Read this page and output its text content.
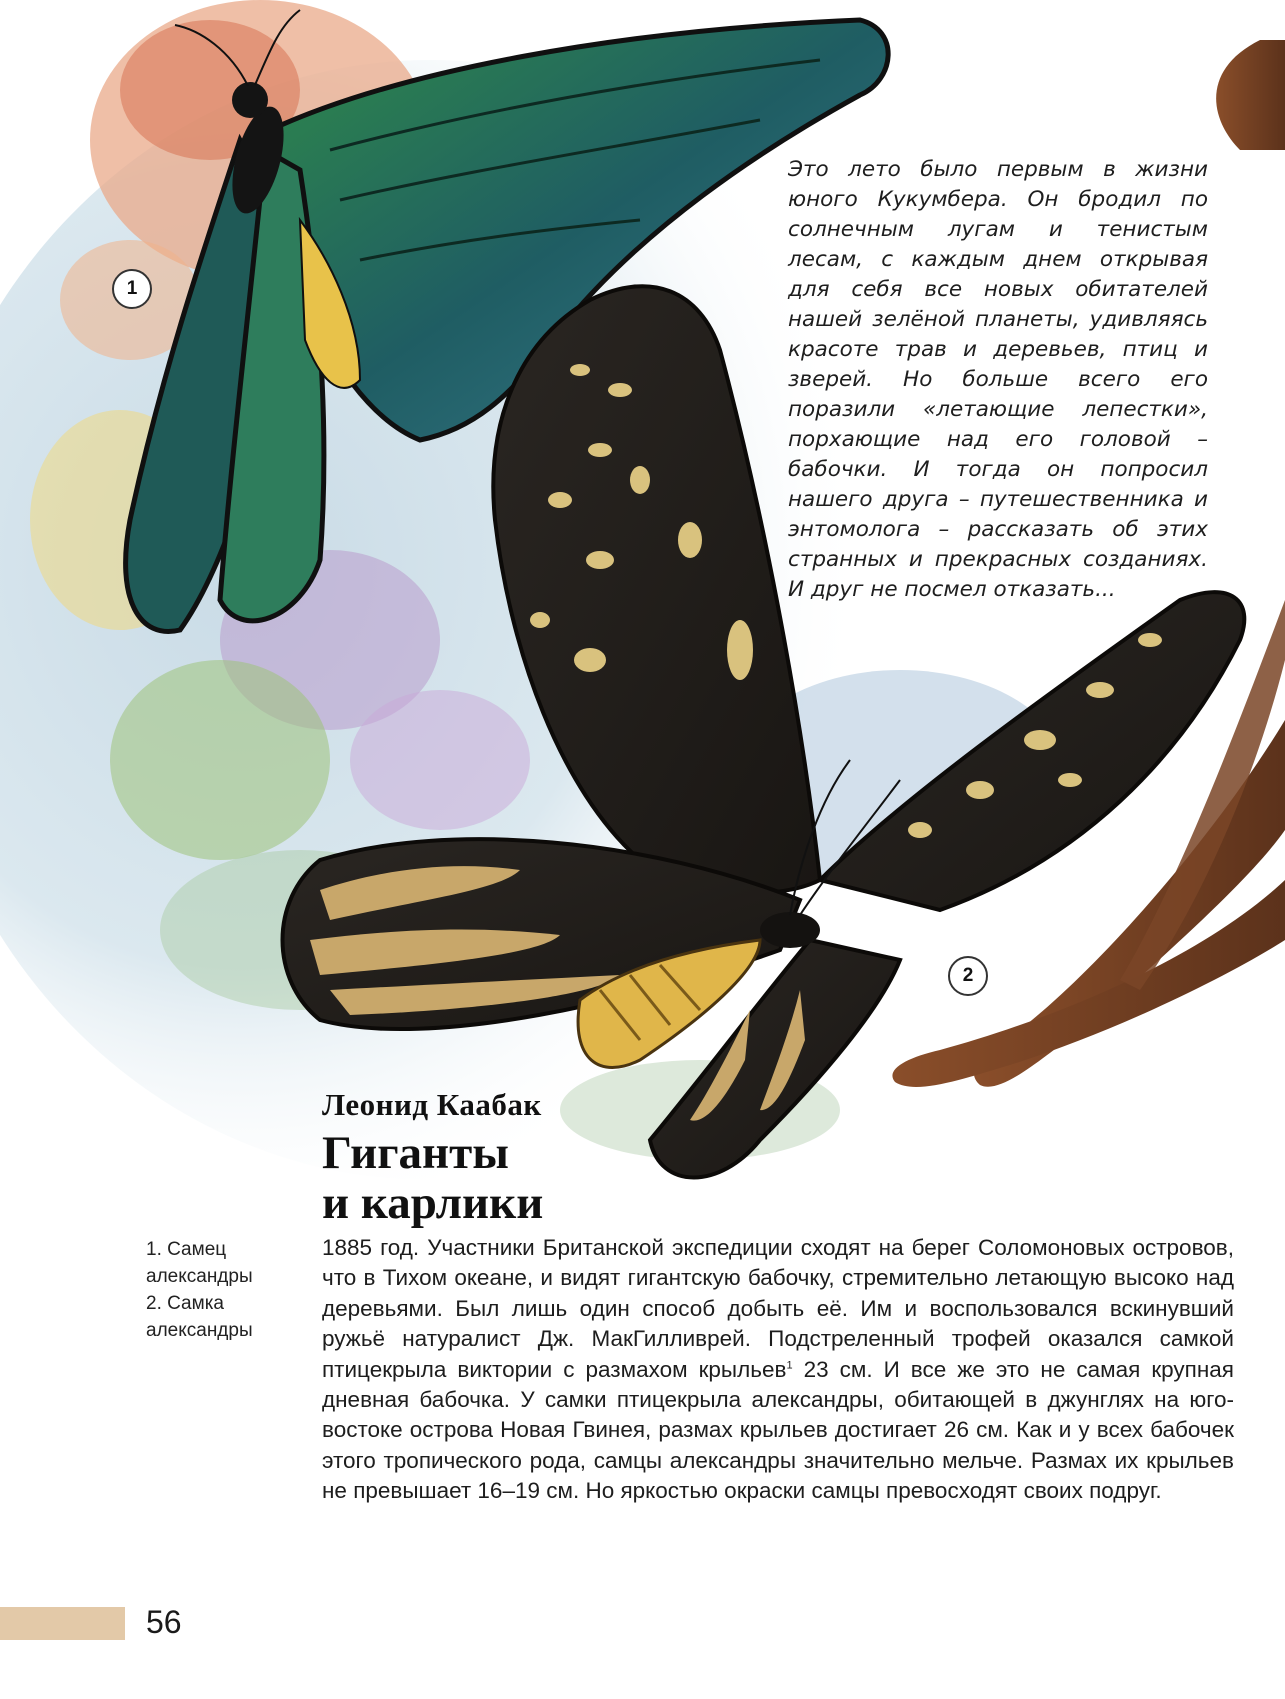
1
2

Это лето было первым в жизни юного Кукумбера. Он бродил по солнечным лугам и тенистым лесам, с каждым днем открывая для себя все новых обитателей нашей зелёной планеты, удивляясь красоте трав и деревьев, птиц и зверей. Но больше всего его поразили «летающие лепестки», порхающие над его головой – бабочки. И тогда он попросил нашего друга – путешественника и энтомолога – рассказать об этих странных и прекрасных созданиях. И друг не посмел отказать...

Леонид Каабак
Гиганты
и карлики
1. Самец
александры
2. Самка
александры

1885 год. Участники Британской экспедиции сходят на берег Соломоновых островов, что в Тихом океане, и видят гигантскую бабочку, стремительно летающую высоко над деревьями. Был лишь один способ добыть её. Им и воспользовался вскинувший ружьё натуралист Дж. МакГилливрей. Подстреленный трофей оказался самкой птицекрыла виктории с размахом крыльев$^1$ 23 см. И все же это не самая крупная дневная бабочка. У самки птицекрыла александры, обитающей в джунглях на юго-востоке острова Новая Гвинея, размах крыльев достигает 26 см. Как и у всех бабочек этого тропического рода, самцы александры значительно мельче. Размах их крыльев не превышает 16–19 см. Но яркостью окраски самцы превосходят своих подруг.

56
